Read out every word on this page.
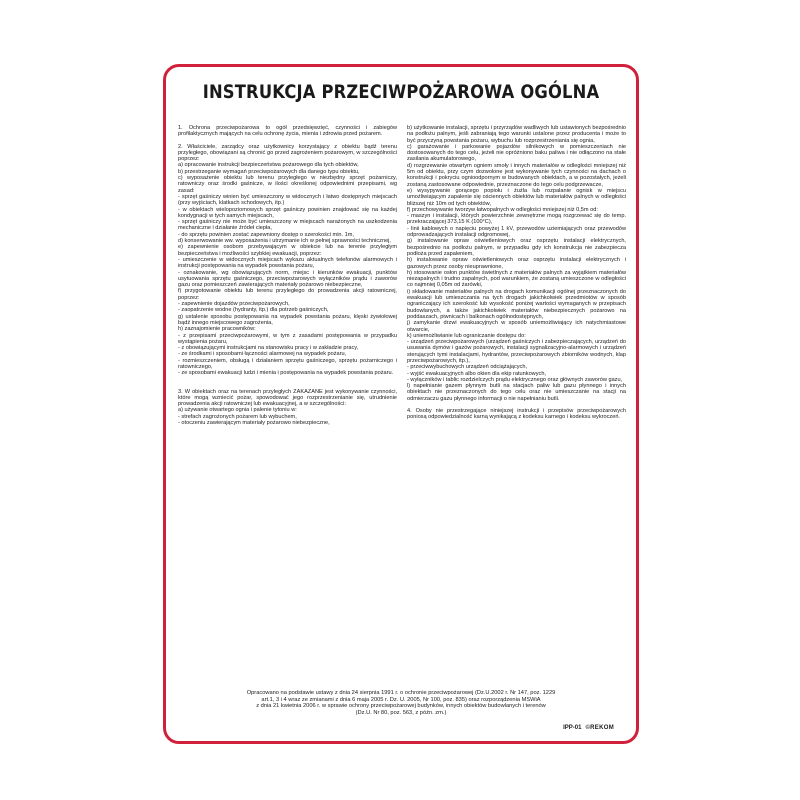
INSTRUKCJA PRZECIWPOŻAROWA OGÓLNA
1. Ochrona przeciwpożarowa to ogół przedsięwzięć, czynności i zabiegów profilaktycznych mających na celu ochronę życia, mienia i zdrowia przed pożarem.
2. Właściciele, zarządcy oraz użytkownicy korzystający z obiektu bądź terenu przyległego, obowiązani są chronić go przed zagrożeniem pożarowym, w szczególności poprzez:
a) opracowanie instrukcji bezpieczeństwa pożarowego dla tych obiektów,
b) przestrzeganie wymagań przeciwpożarowych dla danego typu obiektu,
c) wyposażenie obiektu lub terenu przyległego w niezbędny sprzęt pożarniczy, ratowniczy oraz środki gaśnicze, w ilości określonej odpowiednimi przepisami, wg zasad:
- sprzęt gaśniczy winien być umieszczony w widocznych i łatwo dostępnych miejscach (przy wyjściach, klatkach schodowych, itp.)
- w obiektach wielopoziomowych sprzęt gaśniczy powinien znajdować się na każdej kondygnacji w tych samych miejscach,
- sprzęt gaśniczy nie może być umieszczony w miejscach narażonych na uszkodzenia mechaniczne i działanie źródeł ciepła,
- do sprzętu powinien zostać zapewniony dostęp o szerokości min. 1m,
d) konserwowanie ww. wyposażenia i utrzymanie ich w pełnej sprawności technicznej,
e) zapewnienie osobom przebywającym w obiekcie lub na terenie przyległym bezpieczeństwa i możliwości szybkiej ewakuacji, poprzez:
- umieszczenie w widocznych miejscach wykazu aktualnych telefonów alarmowych i instrukcji postępowania na wypadek powstania pożaru,
- oznakowanie, wg obowiązujących norm, miejsc i kierunków ewakuacji, punktów usytuowania sprzętu gaśniczego, przeciwpożarowych wyłączników prądu i zaworów gazu oraz pomieszczeń zawierających materiały pożarowo niebezpieczne,
f) przygotowanie obiektu lub terenu przyległego do prowadzenia akcji ratowniczej, poprzez:
- zapewnienie dojazdów przeciwpożarowych,
- zaopatrzenie wodne (hydranty, itp.) dla potrzeb gaśniczych,
g) ustalenie sposobu postępowania na wypadek powstania pożaru, klęski żywiołowej bądź innego miejscowego zagrożenia,
h) zaznajomienie pracowników:
- z przepisami przeciwpożarowymi, w tym z zasadami postępowania w przypadku wystąpienia pożaru,
- z obowiązującymi instrukcjami na stanowisku pracy i w zakładzie pracy,
- ze środkami i sposobami łączności alarmowej na wypadek pożaru,
- rozmieszczeniem, obsługą i działaniem sprzętu gaśniczego, sprzętu pożarniczego i ratowniczego,
- ze sposobami ewakuacji ludzi i mienia i postępowania na wypadek powstania pożaru.
3. W obiektach oraz na terenach przyległych ZAKAZANE jest wykonywanie czynności, które mogą wzniecić pożar, spowodować jego rozprzestrzenianie się, utrudnienie prowadzenia akcji ratowniczej lub ewakuacyjnej, a w szczególności:
a) używanie otwartego ognia i palenie tytoniu w:
- strefach zagrożonych pożarem lub wybuchem,
- otoczeniu zawierającym materiały pożarowo niebezpieczne,
b) użytkowanie instalacji, sprzętu i przyrządów wadliwych lub ustawionych bezpośrednio na podłożu palnym, jeśli zabraniają tego warunki ustalone przez producenta i może to być przyczyną powstania pożaru, wybuchu lub rozprzestrzeniania się ognia,
c) garażowanie i parkowanie pojazdów silnikowych w pomieszczeniach nie dostosowanych do tego celu, jeżeli nie opróżniono baku paliwa i nie odłączono na stałe zasilania akumulatorowego,
d) rozgrzewanie otwartym ogniem smoły i innych materiałów w odległości mniejszej niż 5m od obiektu, przy czym dozwolone jest wykonywanie tych czynności na dachach o konstrukcji i pokryciu ognioodpornym w budowanych obiektach, a w pozostałych, jeżeli zostaną zastosowane odpowiednie, przeznaczone do tego celu podgrzewacze,
e) wysypywanie gorącego popiołu i żużla lub rozpalanie ognisk w miejscu umożliwiającym zapalenie się ościennych obiektów lub materiałów palnych w odległości bliższej niż 10m od tych obiektów,
f) przechowywanie tworzyw łatwopalnych w odległości mniejszej niż 0,5m od:
- maszyn i instalacji, których powierzchnie zewnętrzne mogą rozgrzewać się do temp. przekraczającej 373,15 K (100°C),
- linii kablowych o napięciu powyżej 1 kV, przewodów uziemiających oraz przewodów odprowadzających instalacji odgromowej,
g) instalowanie opraw oświetleniowych oraz osprzętu instalacji elektrycznych, bezpośrednio na podłożu palnym, w przypadku gdy ich konstrukcja nie zabezpiecza podłoża przed zapaleniem,
h) instalowanie opraw oświetleniowych oraz osprzętu instalacji elektrycznych i gazowych przez osoby nieuprawnione,
h) stosowanie osłon punktów świetlnych z materiałów palnych za wyjątkiem materiałów niezapalnych i trudno zapalnych, pod warunkiem, że zostaną umieszczone w odległości co najmniej 0,05m od żarówki,
i) składowanie materiałów palnych na drogach komunikacji ogólnej przeznaczonych do ewakuacji lub umieszczania na tych drogach jakichkolwiek przedmiotów w sposób ograniczający ich szerokość lub wysokość poniżej wartości wymaganych w przepisach budowlanych, a także jakichkolwiek materiałów niebezpiecznych pożarowo na poddaszach, piwnicach i balkonach ogólnodostępnych,
j) zamykanie drzwi ewakuacyjnych w sposób uniemożliwiający ich natychmiastowe otwarcie,
k) uniemożliwianie lub ograniczanie dostępu do:
- urządzeń przeciwpożarowych (urządzeń gaśniczych i zabezpieczających, urządzeń do usuwania dymów i gazów pożarowych, instalacji sygnalizacyjno-alarmowych i urządzeń sterujących tymi instalacjami, hydrantów, przeciwpożarowych zbiorników wodnych, klap przeciwpożarowych, itp.),
- przeciwwybuchowych urządzeń odciążających,
- wyjść ewakuacyjnych albo okien dla ekip ratunkowych,
- wyłączników i tablic rozdzielczych prądu elektrycznego oraz głównych zaworów gazu,
l) napełnianie gazem płynnym butli na stacjach paliw lub gazu płynnego i innych obiektach nie przeznaczonych do tego celu oraz nie umieszczanie na stacji na odmierzaczu gazu płynnego informacji o nie napełnianiu butli.
4. Osoby nie przestrzegające niniejszej instrukcji i przepisów przeciwpożarowych poniosą odpowiedzialność karną wynikającą z kodeksu karnego i kodeksu wykroczeń.
Opracowano na podstawie ustawy z dnia 24 sierpnia 1991 r. o ochronie przeciwpożarowej (Dz.U.2002 r. Nr 147, poz. 1229
art.1, 3 i 4 wraz ze zmianami z dnia 6 maja 2005 r. Dz. U. 2005, Nr 100, poz. 835) oraz rozporządzenia MSWiA
z dnia 21 kwietnia 2006 r. w sprawie ochrony przeciwpożarowej budynków, innych obiektów budowlanych i terenów
(Dz.U. Nr 80, poz. 563, z późn. zm.)
IPP-01 ©REKOM
